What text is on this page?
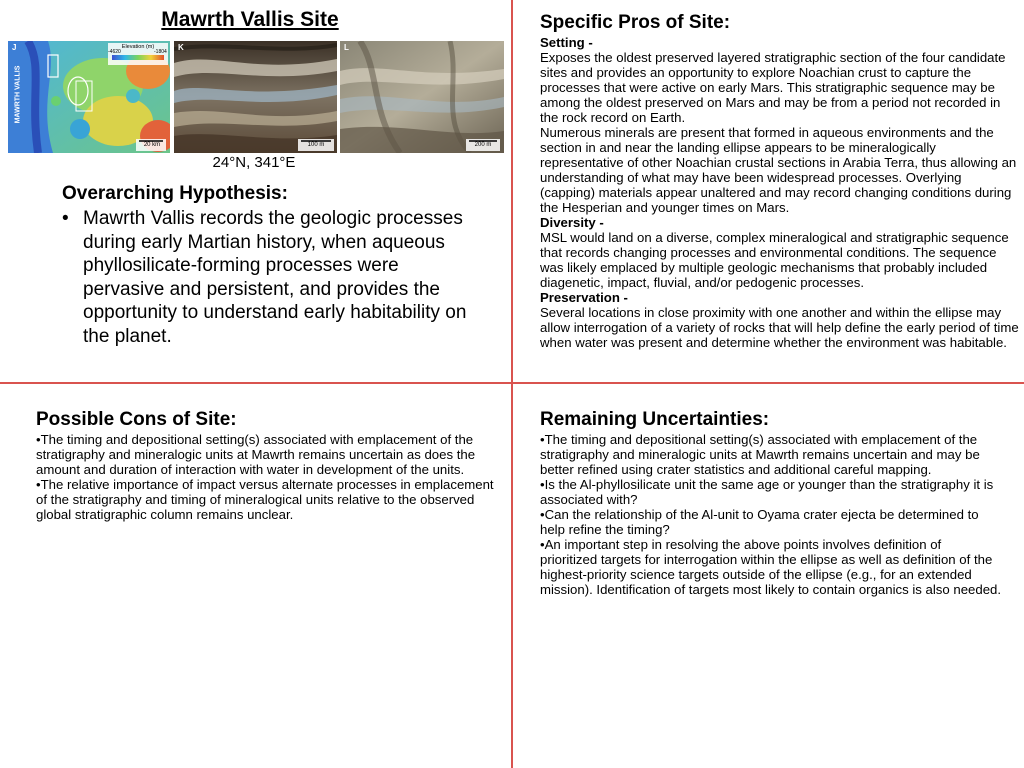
Mawrth Vallis Site
J
MAWRTH VALLIS
Elevation (m)
-4620	-1804
20 km
K
100 m
L
200 m
24°N, 341°E
Overarching Hypothesis:
• Mawrth Vallis records the geologic processes during early Martian history, when aqueous phyllosilicate-forming processes were pervasive and persistent, and provides the opportunity to understand early habitability on the planet.
Specific Pros of Site:
Setting -
Exposes the oldest preserved layered stratigraphic section of the four candidate sites and provides an opportunity to explore Noachian crust to capture the processes that were active on early Mars. This stratigraphic sequence may be among the oldest preserved on Mars and may be from a period not recorded in the rock record on Earth.
Numerous minerals are present that formed in aqueous environments and the section in and near the landing ellipse appears to be mineralogically representative of other Noachian crustal sections in Arabia Terra, thus allowing an understanding of what may have been widespread processes. Overlying (capping) materials appear unaltered and may record changing conditions during the Hesperian and younger times on Mars.
Diversity -
MSL would land on a diverse, complex mineralogical and stratigraphic sequence that records changing processes and environmental conditions. The sequence was likely emplaced by multiple geologic mechanisms that probably included diagenetic, impact, fluvial, and/or pedogenic processes.
Preservation -
Several locations in close proximity with one another and within the ellipse may allow interrogation of a variety of rocks that will help define the early period of time when water was present and determine whether the environment was habitable.
Possible Cons of Site:
•The timing and depositional setting(s) associated with emplacement of the stratigraphy and mineralogic units at Mawrth remains uncertain as does the amount and duration of interaction with water in development of the units.
•The relative importance of impact versus alternate processes in emplacement of the stratigraphy and timing of mineralogical units relative to the observed global stratigraphic column remains unclear.
Remaining Uncertainties:
•The timing and depositional setting(s) associated with emplacement of the stratigraphy and mineralogic units at Mawrth remains uncertain and may be better refined using crater statistics and additional careful mapping.
•Is the Al-phyllosilicate unit the same age or younger than the stratigraphy it is associated with?
•Can the relationship of the Al-unit to Oyama crater ejecta be determined to help refine the timing?
•An important step in resolving the above points involves definition of prioritized targets for interrogation within the ellipse as well as definition of the highest-priority science targets outside of the ellipse (e.g., for an extended mission). Identification of targets most likely to contain organics is also needed.
